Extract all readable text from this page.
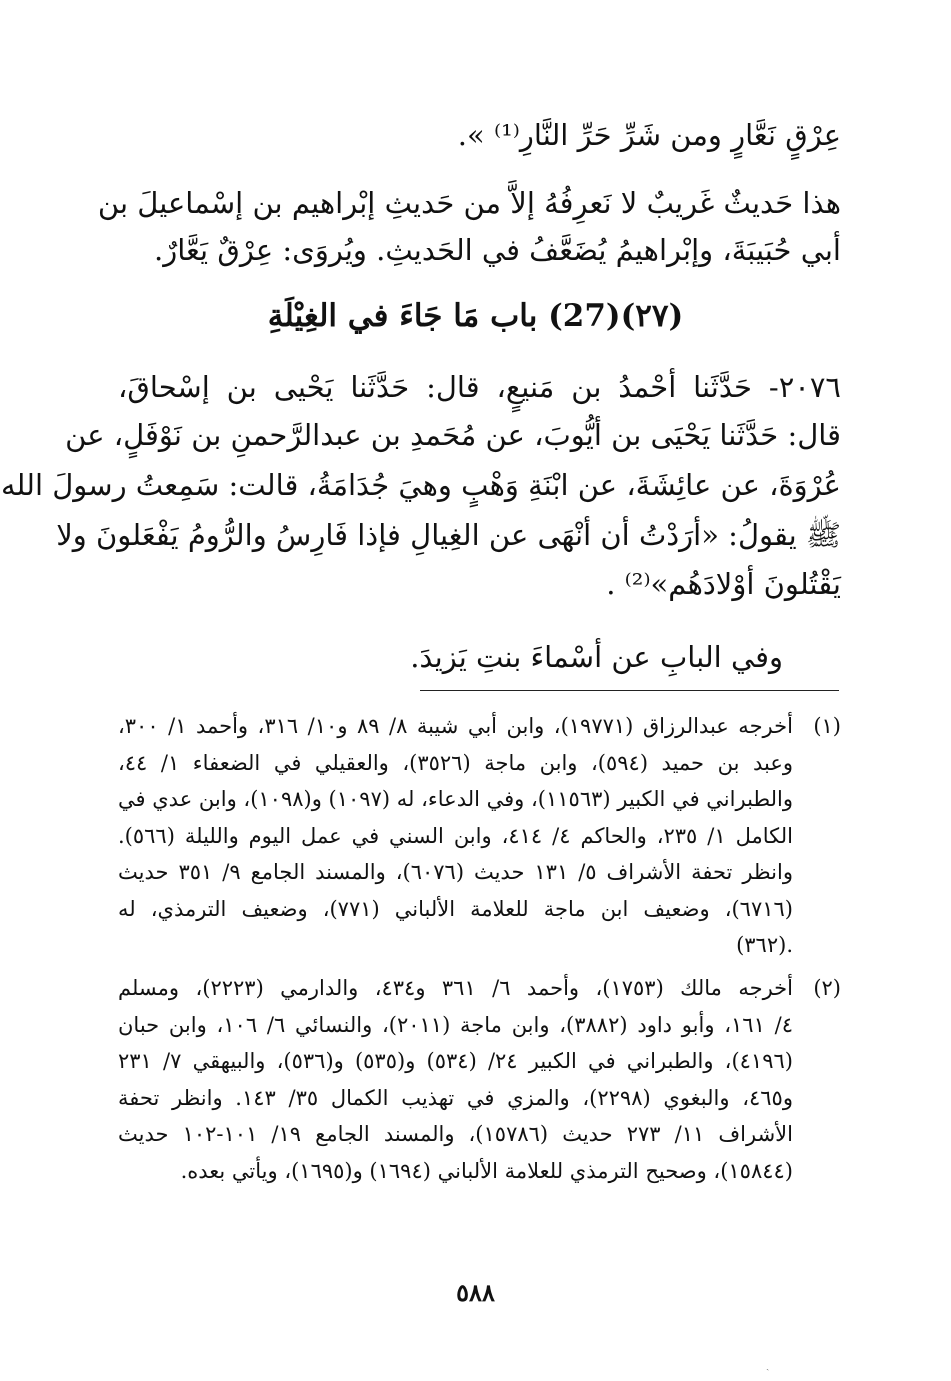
عِرْقٍ نَعَّارٍ ومن شَرِّ حَرِّ النَّارِ⁽¹⁾ ».
هذا حَديثٌ غَريبٌ لا نَعرِفُهُ إلاَّ من حَديثِ إبْراهيم بن إسْماعيلَ بن
أبي حُبَيبَةَ، وإبْراهيمُ يُضَعَّفُ في الحَديثِ. ويُروَى: عِرْقٌ يَعَّارٌ.
(٢٧)(27) باب مَا جَاءَ في الغِيْلَةِ
٢٠٧٦- حَدَّثَنا أحْمدُ بن مَنيعٍ، قال: حَدَّثَنا يَحْيى بن إسْحاقَ،
قال: حَدَّثَنا يَحْيَى بن أيُّوبَ، عن مُحَمدِ بن عبدالرَّحمنِ بن نَوْفَلٍ، عن
عُرْوَةَ، عن عائِشَةَ، عن ابْنَةِ وَهْبٍ وهيَ جُدَامَةُ، قالت: سَمِعتُ رسولَ الله
ﷺ يقولُ: «أرَدْتُ أن أنْهَى عن الغِيالِ فإذا فَارِسُ والرُّومُ يَفْعَلونَ ولا
يَقْتُلونَ أوْلادَهُم»⁽²⁾ .
وفي البابِ عن أسْماءَ بنتِ يَزيدَ.
(١)
أخرجه عبدالرزاق (١٩٧٧١)، وابن أبي شيبة ٨/ ٨٩ و١٠/ ٣١٦، وأحمد ١/ ٣٠٠،
وعبد بن حميد (٥٩٤)، وابن ماجة (٣٥٢٦)، والعقيلي في الضعفاء ١/ ٤٤،
والطبراني في الكبير (١١٥٦٣)، وفي الدعاء، له (١٠٩٧) و(١٠٩٨)، وابن عدي في
الكامل ١/ ٢٣٥، والحاكم ٤/ ٤١٤، وابن السني في عمل اليوم والليلة (٥٦٦).
وانظر تحفة الأشراف ٥/ ١٣١ حديث (٦٠٧٦)، والمسند الجامع ٩/ ٣٥١ حديث
(٦٧١٦)، وضعيف ابن ماجة للعلامة الألباني (٧٧١)، وضعيف الترمذي، له
(٣٦٢).
(٢)
أخرجه مالك (١٧٥٣)، وأحمد ٦/ ٣٦١ و٤٣٤، والدارمي (٢٢٢٣)، ومسلم
٤/ ١٦١، وأبو داود (٣٨٨٢)، وابن ماجة (٢٠١١)، والنسائي ٦/ ١٠٦، وابن حبان
(٤١٩٦)، والطبراني في الكبير ٢٤/ (٥٣٤) و(٥٣٥) و(٥٣٦)، والبيهقي ٧/ ٢٣١
و٤٦٥، والبغوي (٢٢٩٨)، والمزي في تهذيب الكمال ٣٥/ ١٤٣. وانظر تحفة
الأشراف ١١/ ٢٧٣ حديث (١٥٧٨٦)، والمسند الجامع ١٩/ ١٠١-١٠٢ حديث
(١٥٨٤٤)، وصحيح الترمذي للعلامة الألباني (١٦٩٤) و(١٦٩٥)، ويأتي بعده.
٥٨٨
ˎ
